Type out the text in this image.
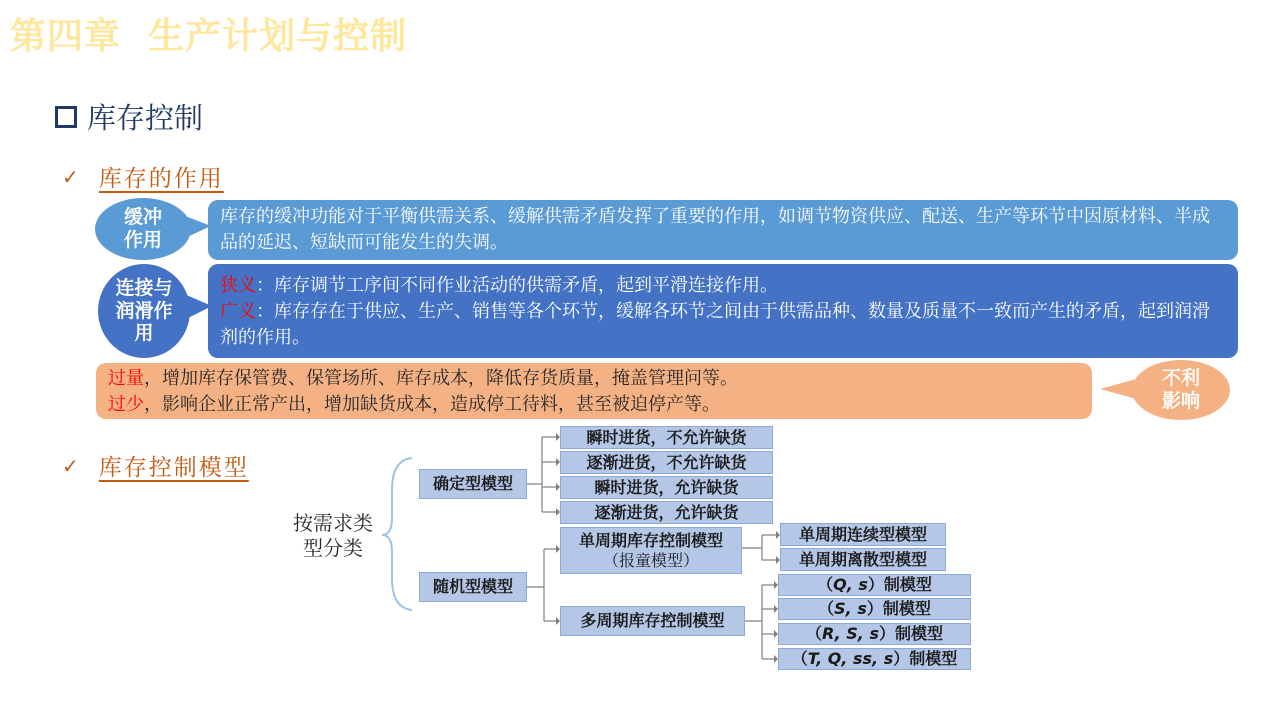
第四章  生产计划与控制
库存控制
✓ 库存的作用
库存的缓冲功能对于平衡供需关系、缓解供需矛盾发挥了重要的作用，如调节物资供应、配送、生产等环节中因原材料、半成品的延迟、短缺而可能发生的失调。
缓冲
作用
狭义：库存调节工序间不同作业活动的供需矛盾，起到平滑连接作用。
广义：库存存在于供应、生产、销售等各个环节，缓解各环节之间由于供需品种、数量及质量不一致而产生的矛盾，起到润滑剂的作用。
连接与
润滑作
用
过量，增加库存保管费、保管场所、库存成本，降低存货质量，掩盖管理问等。
过少，影响企业正常产出，增加缺货成本，造成停工待料，甚至被迫停产等。
不利
影响
✓ 库存控制模型
按需求类
型分类
确定型模型
随机型模型
瞬时进货，不允许缺货
逐渐进货，不允许缺货
瞬时进货，允许缺货
逐渐进货，允许缺货
单周期库存控制模型
（报童模型）
多周期库存控制模型
单周期连续型模型
单周期离散型模型
（ Q, s ） 制模型
（ S, s ） 制模型
（ R, S, s ） 制模型
（ T, Q, ss, s ） 制模型
